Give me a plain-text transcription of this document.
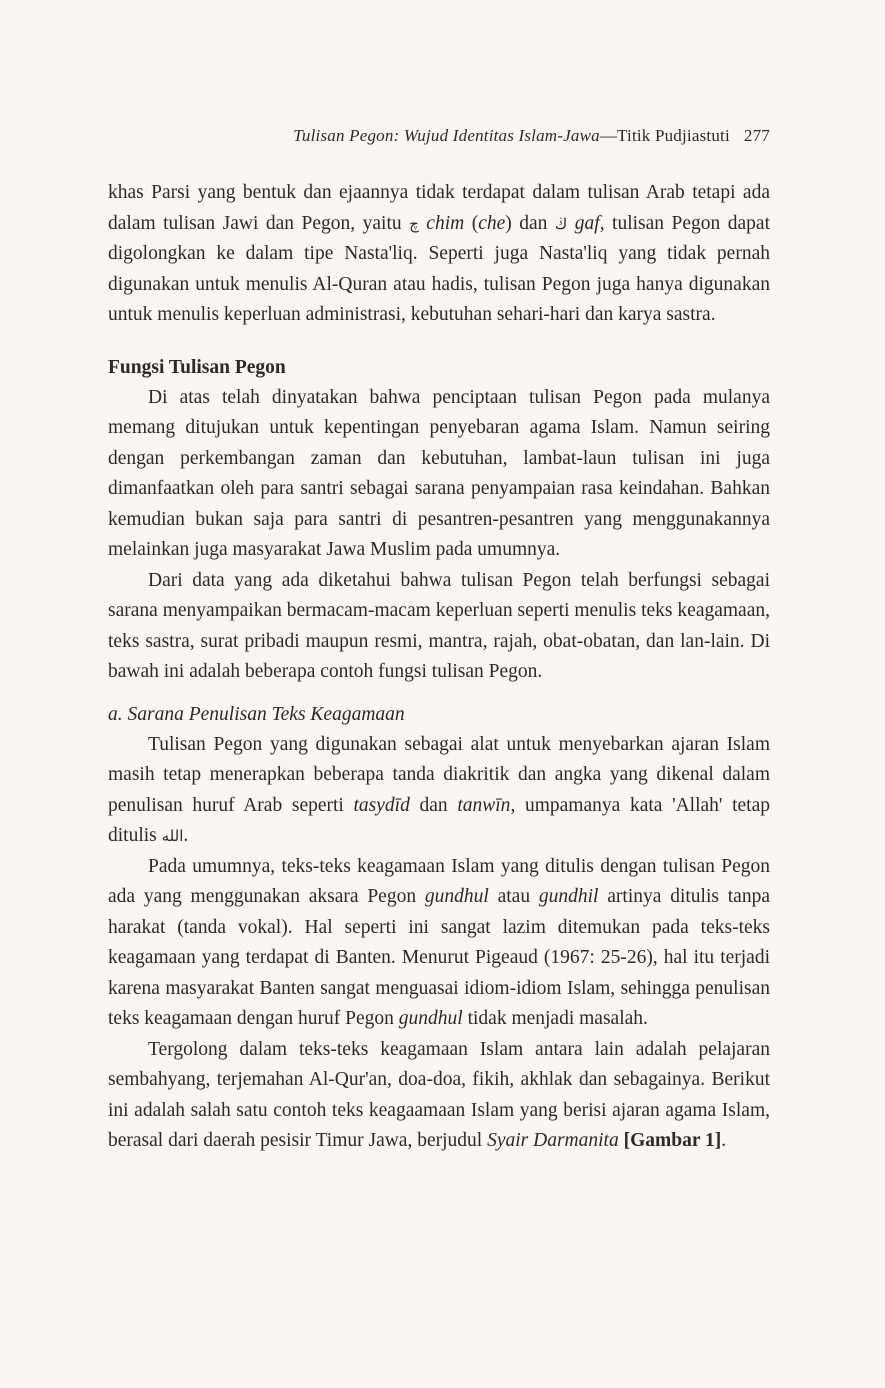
Tulisan Pegon: Wujud Identitas Islam-Jawa — Titik Pudjiastuti 277

khas Parsi yang bentuk dan ejaannya tidak terdapat dalam tulisan Arab tetapi ada dalam tulisan Jawi dan Pegon, yaitu چ chim (che) dan ڬ gaf, tulisan Pegon dapat digolongkan ke dalam tipe Nasta'liq. Seperti juga Nasta'liq yang tidak pernah digunakan untuk menulis Al-Quran atau hadis, tulisan Pegon juga hanya digunakan untuk menulis keperluan administrasi, kebutuhan sehari-hari dan karya sastra.

Fungsi Tulisan Pegon

Di atas telah dinyatakan bahwa penciptaan tulisan Pegon pada mulanya memang ditujukan untuk kepentingan penyebaran agama Islam. Namun seiring dengan perkembangan zaman dan kebutuhan, lambat-laun tulisan ini juga dimanfaatkan oleh para santri sebagai sarana penyampaian rasa keindahan. Bahkan kemudian bukan saja para santri di pesantren-pesantren yang menggunakannya melainkan juga masyarakat Jawa Muslim pada umumnya.

Dari data yang ada diketahui bahwa tulisan Pegon telah berfungsi sebagai sarana menyampaikan bermacam-macam keperluan seperti menulis teks keagamaan, teks sastra, surat pribadi maupun resmi, mantra, rajah, obat-obatan, dan lan-lain. Di bawah ini adalah beberapa contoh fungsi tulisan Pegon.

a. Sarana Penulisan Teks Keagamaan

Tulisan Pegon yang digunakan sebagai alat untuk menyebarkan ajaran Islam masih tetap menerapkan beberapa tanda diakritik dan angka yang dikenal dalam penulisan huruf Arab seperti tasydīd dan tanwīn, umpamanya kata 'Allah' tetap ditulis الله.

Pada umumnya, teks-teks keagamaan Islam yang ditulis dengan tulisan Pegon ada yang menggunakan aksara Pegon gundhul atau gundhil artinya ditulis tanpa harakat (tanda vokal). Hal seperti ini sangat lazim ditemukan pada teks-teks keagamaan yang terdapat di Banten. Menurut Pigeaud (1967: 25-26), hal itu terjadi karena masyarakat Banten sangat menguasai idiom-idiom Islam, sehingga penulisan teks keagamaan dengan huruf Pegon gundhul tidak menjadi masalah.

Tergolong dalam teks-teks keagamaan Islam antara lain adalah pelajaran sembahyang, terjemahan Al-Qur'an, doa-doa, fikih, akhlak dan sebagainya. Berikut ini adalah salah satu contoh teks keagaamaan Islam yang berisi ajaran agama Islam, berasal dari daerah pesisir Timur Jawa, berjudul Syair Darmanita [Gambar 1].
